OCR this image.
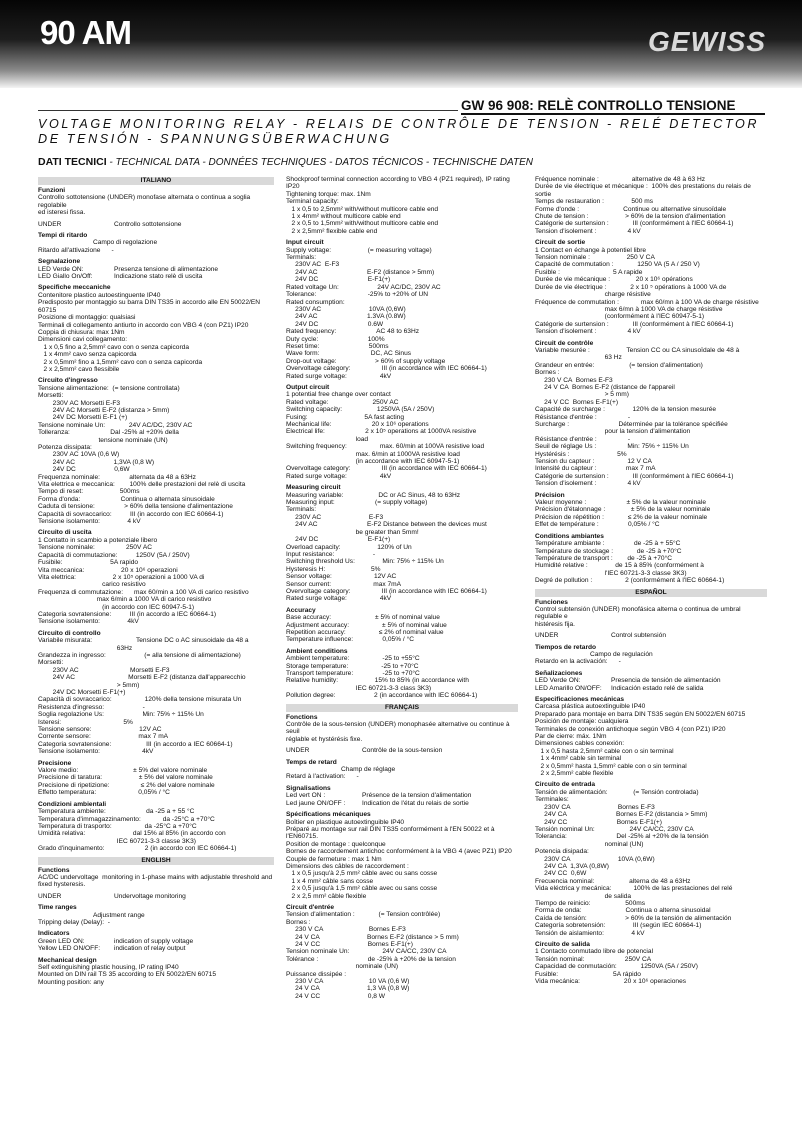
90 AM	GEWISS
GW 96 908: RELÈ CONTROLLO TENSIONE
VOLTAGE MONITORING RELAY - RELAIS DE CONTRÔLE DE TENSION - RELÉ DETECTOR DE TENSIÓN - SPANNUNGSÜBERWACHUNG
DATI TECNICI - TECHNICAL DATA - DONNÉES TECHNIQUES - DATOS TÉCNICOS - TECHNISCHE DATEN
ITALIANO
Funzioni
Controllo sottotensione (UNDER) monofase alternata o continua a soglia regolabile
ed isteresi fissa.
UNDER	Controllo sottotensione
Tempi di ritardo
Campo di regolazione
Ritardo all'attivazione      -
Segnalazione
LED Verde ON:	Presenza tensione di alimentazione
LED Giallo On/Off:	Indicazione stato relè di uscita
Specifiche meccaniche
Contenitore plastico autoestinguente IP40
Predisposto per montaggio su barra DIN TS35 in accordo alle EN 50022/EN 60715
Posizione di montaggio: qualsiasi
Terminali di collegamento antiurto in accordo con VBG 4 (con PZ1) IP20
Coppia di chiusura: max 1Nm
Dimensioni cavi collegamento:
1 x 0,5 fino a 2,5mm² cavo con o senza capicorda
1 x 4mm² cavo senza capicorda
2 x 0,5mm² fino a 1,5mm² cavo con o senza capicorda
2 x 2,5mm² cavo flessibile
Circuito d'ingresso
Tensione alimentazione:  (= tensione controllata)
Morsetti:
230V AC Morsetti E-F3
24V AC Morsetti E-F2 (distanza > 5mm)
24V DC Morsetti E-F1 (+)
Tensione nominale Un:             24V AC/DC, 230V AC
Tolleranza:                      Dal -25% al +20% della
tensione nominale (UN)
Potenza dissipata:
230V AC 10VA (0,6 W)
24V AC                     1,3VA (0,8 W)
24V DC                     0,6W
Frequenza nominale:                alternata da 48 a 63Hz
Vita elettrica e meccanica:        100% delle prestazioni del relè di uscita
Tempo di reset:                    500ms
Forma d'onda:                      Continua o alternata sinusoidale
Caduta di tensione:                > 60% della tensione d'alimentazione
Capacità di sovraccarico:          III (in accordo con IEC 60664-1)
Tensione isolamento:               4 kV
Circuito di uscita
1 Contatto in scambio a potenziale libero
Tensione nominale:                 250V AC
Capacità di commutazione:          1250V (5A / 250V)
Fusibile:                          5A rapido
Vita meccanica:                    20 x 10⁶ operazioni
Vita elettrica:                    2 x 10⁵ operazioni a 1000 VA di
carico resistivo
Frequenza di commutazione:      max 60/min a 100 VA di carico resistivo
max 6/min a 1000 VA di carico resistivo
(in accordo con IEC 60947-5-1)
Categoria sovratensione:          III (in accordo a IEC 60664-1)
Tensione isolamento:               4kV
Circuito di controllo
Variabile misurata:                        Tensione DC o AC sinusoidale da 48 a
63Hz
Grandezza in ingresso:                     (= alla tensione di alimentazione)
Morsetti:
230V AC                            Morsetti E-F3
24V AC                             Morsetti E-F2 (distanza dall'apparecchio
> 5mm)
24V DC Morsetti E-F1(+)
Capacità di sovraccarico:                  120% della tensione misurata Un
Resistenza d'ingresso:                     -
Soglia regolazione Us:                     Min: 75% ÷ 115% Un
Isteresi:                                  5%
Tensione sensore:                          12V AC
Corrente sensore:                          max 7 mA
Categoria sovratensione:                   III (in accordo a IEC 60664-1)
Tensione isolamento:                       4kV
Precisione
Valore medio:                              ± 5% del valore nominale
Precisione di taratura:                    ± 5% del valore nominale
Precisione di ripetizione:                 ≤ 2% del valore nominale
Effetto temperatura:                       0,05% / °C
Condizioni ambientali
Temperatura ambiente:                      da -25 a + 55 °C
Temperatura d'immagazzinamento:            da -25°C a +70°C
Temperatura di trasporto:                  da -25°C a +70°C
Umidità relativa:                          dal 15% al 85% (in accordo con
IEC 60721-3-3 classe 3K3)
Grado d'inquinamento:                      2 (in accordo con IEC 60664-1)
ENGLISH
Functions
AC/DC undervoltage  monitoring in 1-phase mains with adjustable threshold and
fixed hysteresis.
UNDER	Undervoltage monitoring
Time ranges
Adjustment range
Tripping delay (Delay):  -
Indicators
Green LED ON:	indication of supply voltage
Yellow LED ON/OFF:	indication of relay output
Mechanical design
Self extinguishing plastic housing, IP rating IP40
Mounted on DIN rail TS 35 according to EN 50022/EN 60715
Mounting position: any
Shockproof terminal connection according to VBG 4 (PZ1 required), IP rating IP20
Tightening torque: max. 1Nm
Terminal capacity:
1 x 0,5 to 2,5mm² with/without multicore cable end
1 x 4mm² without multicore cable end
2 x 0,5 to 1,5mm² with/without multicore cable end
2 x 2,5mm² flexible cable end
Input circuit
Supply voltage:                    (= measuring voltage)
Terminals:
230V AC  E-F3
24V AC                           E-F2 (distance > 5mm)
24V DC                           E-F1(+)
Rated voltage Un:                     24V AC/DC, 230V AC
Tolerance:                            -25% to +20% of UN
Rated consumption:
230V AC                          10VA (0,6W)
24V AC                           1.3VA (0.8W)
24V DC                           0.6W
Rated frequency:                      AC 48 to 63Hz
Duty cycle:                           100%
Reset time:                           500ms
Wave form:                            DC, AC Sinus
Drop-out voltage:                     > 60% of supply voltage
Overvoltage category:                 III (in accordance with IEC 60664-1)
Rated surge voltage:                  4kV
Output circuit
1 potential free change over contact
Rated voltage:                        250V AC
Switching capacity:                   1250VA (5A / 250V)
Fusing:                               5A fast acting
Mechanical life:                      20 x 10⁶ operations
Electrical life:                      2 x 10⁵ operations at 1000VA resistive
load
Switching frequency:                  max. 60/min at 100VA resistive load
max. 6/min at 1000VA resistive load
(in accordance with IEC 60947-5-1)
Overvoltage category:                 III (in accordance with IEC 60664-1)
Rated surge voltage:                  4kV
Measuring circuit
Measuring variable:                   DC or AC Sinus, 48 to 63Hz
Measuring input:                      (= supply voltage)
Terminals:
230V AC                          E-F3
24V AC                           E-F2 Distance between the devices must
be greater than 5mm!
24V DC                           E-F1(+)
Overload capacity:                    120% of Un
Input resistance:                     -
Switching threshold Us:               Min: 75% ÷ 115% Un
Hysteresis H:                         5%
Sensor voltage:                       12V AC
Sensor current:                       max 7mA
Overvoltage category:                 III (in accordance with IEC 60664-1)
Rated surge voltage:                  4kV
Accuracy
Base accuracy:                        ± 5% of nominal value
Adjustment accuracy:                  ± 5% of nominal value
Repetition accuracy:                  ≤ 2% of nominal value
Temperature influence:                0,05% / °C
Ambient conditions
Ambient temperature:                  -25 to +55°C
Storage temperature:                  -25 to +70°C
Transport temperature:                -25 to +70°C
Relative humidity:                    15% to 85% (in accordance with
IEC 60721-3-3 class 3K3)
Pollution degree:                     2 (in accordance with IEC 60664-1)
FRANÇAIS
Fonctions
Contrôle de la sous-tension (UNDER) monophasée alternative ou continue à seuil
réglable et hystérésis fixe.
UNDER	Contrôle de la sous-tension
Temps de retard
Champ de réglage
Retard à l'activation:      -
Signalisations
Led vert ON :	Présence de la tension d'alimentation
Led jaune ON/OFF :	Indication de l'état du relais de sortie
Spécifications mécaniques
Boîtier en plastique autoextinguible IP40
Préparé au montage sur rail DIN TS35 conformément à l'EN 50022 et à l'EN60715.
Position de montage : quelconque
Bornes de raccordement antichoc conformément à la VBG 4 (avec PZ1) IP20
Couple de fermeture : max 1 Nm
Dimensions des câbles de raccordement :
1 x 0,5 jusqu'à 2,5 mm² câble avec ou sans cosse
1 x 4 mm² câble sans cosse
2 x 0,5 jusqu'à 1,5 mm² câble avec ou sans cosse
2 x 2,5 mm² câble flexible
Circuit d'entrée
Tension d'alimentation :             (= Tension contrôlée)
Bornes :
230 V CA                         Bornes E-F3
24 V CA                          Bornes E-F2 (distance > 5 mm)
24 V CC                          Bornes E-F1(+)
Tension nominale Un:                  24V CA/CC, 230V CA
Tolérance :                           de -25% à +20% de la tension
nominale (UN)
Puissance dissipée :
230 V CA                         10 VA (0,6 W)
24 V CA                          1,3 VA (0,8 W)
24 V CC                          0,8 W
Fréquence nominale :                  alternative de 48 à 63 Hz
Durée de vie électrique et mécanique :  100% des prestations du relais de sortie
Temps de restauration :               500 ms
Forme d'onde :                        Continue ou alternative sinusoïdale
Chute de tension :                    > 60% de la tension d'alimentation
Catégorie de surtension :             III (conformément à l'IEC 60664-1)
Tension d'isolement :                 4 kV
Circuit de sortie
1 Contact en échange à potentiel libre
Tension nominale :                    250 V CA
Capacité de commutation :             1250 VA (5 A / 250 V)
Fusible :                             5 A rapide
Durée de vie mécanique :              20 x 10⁶ opérations
Durée de vie électrique :             2 x 10 ⁵ opérations à 1000 VA de
charge résistive
Fréquence de commutation :            max 60/mn à 100 VA de charge résistive
max 6/mn à 1000 VA de charge résistive
(conformément à l'IEC 60947-5-1)
Catégorie de surtension :             III (conformément à l'IEC 60664-1)
Tension d'isolement :                 4 kV
Circuit de contrôle
Variable mesurée :                    Tension CC ou CA sinusoïdale de 48 à
63 Hz
Grandeur en entrée:                   (= tension d'alimentation)
Bornes :
230 V CA  Bornes E-F3
24 V CA  Bornes E-F2 (distance de l'appareil
> 5 mm)
24 V CC  Bornes E-F1(+)
Capacité de surcharge :               120% de la tension mesurée
Résistance d'entrée :                 -
Surcharge :                           Déterminée par la tolérance spécifiée
pour la tension d'alimentation
Résistance d'entrée :                 -
Seuil de réglage Us :                 Min: 75% ÷ 115% Un
Hystérésis :                          5%
Tension du capteur :                  12 V CA
Intensité du capteur :                max 7 mA
Catégorie de surtension :             III (conformément à l'IEC 60664-1)
Tension d'isolement :                 4 kV
Précision
Valeur moyenne :                      ± 5% de la valeur nominale
Précision d'étalonnage :              ± 5% de la valeur nominale
Précision de répétition :             ≤ 2% de la valeur nominale
Effet de température :                0,05% / °C
Conditions ambiantes
Température ambiante :                de -25 à + 55°C
Température de stockage :             de -25 à +70°C
Température de transport :        de -25 à +70°C
Humidité relative :               de 15 à 85% (conformément à
l'IEC 60721-3-3 classe 3K3)
Degré de pollution :                  2 (conformément à l'IEC 60664-1)
ESPAÑOL
Funciones
Control subtensión (UNDER) monofásica alterna o continua de umbral regulable e
histéresis fija.
UNDER	Control subtensión
Tiempos de retardo
Campo de regulación
Retardo en la activación:      -
Señalizaciones
LED Verde ON:	Presencia de tensión de alimentación
LED Amarillo ON/OFF:	Indicación estado relé de salida
Especificaciones mecánicas
Carcasa plástica autoextinguible IP40
Preparado para montaje en barra DIN TS35 según EN 50022/EN 60715
Posición de montaje: cualquiera
Terminales de conexión antichoque según VBG 4 (con PZ1) IP20
Par de cierre: máx. 1Nm
Dimensiones cables conexión:
1 x 0,5 hasta 2,5mm² cable con o sin terminal
1 x 4mm² cable sin terminal
2 x 0,5mm² hasta 1,5mm² cable con o sin terminal
2 x 2,5mm² cable flexible
Circuito de entrada
Tensión de alimentación:              (= Tensión controlada)
Terminales:
230V CA                          Bornes E-F3
24V CA                           Bornes E-F2 (distancia > 5mm)
24V CC                           Bornes E-F1(+)
Tensión nominal Un:                   24V CA/CC, 230V CA
Tolerancia:                           Del -25% al +20% de la tensión
nominal (UN)
Potencia disipada:
230V CA                          10VA (0,6W)
24V CA  1,3VA (0,8W)
24V CC  0,6W
Frecuencia nominal:                   alterna de 48 a 63Hz
Vida eléctrica y mecánica:            100% de las prestaciones del relé
de salida
Tiempo de reinicio:                   500ms
Forma de onda:                        Continua o alterna sinusoidal
Caída de tensión:                     > 60% de la tensión de alimentación
Categoría sobretensión:               III (según IEC 60664-1)
Tensión de aislamiento:               4 kV
Circuito de salida
1 Contacto conmutado libre de potencial
Tensión nominal:                      250V CA
Capacidad de conmutación:             1250VA (5A / 250V)
Fusible:                              5A rápido
Vida mecánica:                        20 x 10⁶ operaciones
